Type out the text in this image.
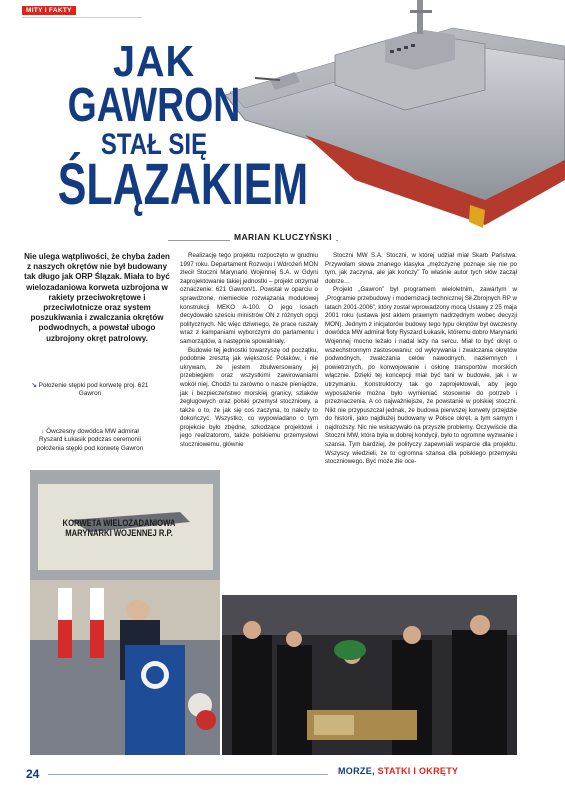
MITY I FAKTY
JAK
GAWRON
STAŁ SIĘ
ŚLĄZAKIEM
MARIAN KLUCZYŃSKI
Nie ulega wątpliwości, że chyba żaden z naszych okrętów nie był budowany tak długo jak ORP Ślązak. Miała to być wielozadaniowa korweta uzbrojona w rakiety przeciwokrętowe i przeciwlotnicze oraz system poszukiwania i zwalczania okrętów podwodnych, a powstał ubogo uzbrojony okręt patrolowy.
↘ Położenie stępki pod korwetę proj. 621 Gawron
↓ Ówczesny dowódca MW admirał Ryszard Łukasik podczas ceremonii położenia stępki pod korwetę Gawron

Realizację tego projektu rozpoczęto w grudniu 1997 roku. Departament Rozwoju i Wdrożeń MON zlecił Stoczni Marynarki Wojennej S.A. w Gdyni zaprojektowanie takiej jednostki – projekt otrzymał oznaczenie: 621 Gawron/1. Powstał w oparciu o sprawdzone, niemieckie rozwiązania modułowej konstrukcji MEKO A-100. O jego losach decydowało sześciu ministrów ON z różnych opcji politycznych. Nic więc dziwnego, że prace ruszały wraz z kampaniami wyborczymi do parlamentu i samorządów, a następnie spowalniały.

Budowie tej jednostki towarzyszę od początku, podobnie zresztą jak większość Polaków, i nie ukrywam, że jestem zbulwersowany jej przebiegiem oraz wszystkimi zawirowaniami wokół niej. Chodzi tu zarówno o nasze pieniądze, jak i bezpieczeństwo morskiej granicy, szlaków żeglugowych oraz polski przemysł stoczniowy, a także o to, że jak się coś zaczyna, to należy to dokończyć. Wszystko, co wypowiadano o tym projekcie było zbędne, szkodzące projektowi i jego realizatorom, także polskiemu przemysłowi stoczniowemu, głównie

Stoczni MW S.A. Stoczni, w której udział miał Skarb Państwa. Przywołam słowa znanego klasyka „mężczyznę poznaje się nie po tym, jak zaczyna, ale jak kończy” To właśnie autor tych słów zaczął dobrze…

Projekt „Gawron” był programem wieloletnim, zawartym w „Programie przebudowy i modernizacji technicznej Sił Zbrojnych RP w latach 2001-2006”, który został wprowadzony mocą Ustawy z 25 maja 2001 roku (ustawa jest aktem prawnym nadrzędnym wobec decyzji MON). Jednym z inicjatorów budowy tego typu okrętów był ówczesny dowódca MW admirał floty Ryszard Łukasik, któremu dobro Marynarki Wojennej mocno leżało i nadal leży na sercu. Miał to być okręt o wszechstronnym zastosowaniu: od wykrywania i zwalczania okrętów podwodnych, zwalczania celów nawodnych, naziemnych i powietrznych, po konwojowanie i osłonę transportów morskich włącznie. Dzięki tej koncepcji miał być tani w budowie, jak i w utrzymaniu. Konstruktorzy tak go zaprojektowali, aby jego wyposażenie można było wymieniać stosownie do potrzeb i przeznaczenia. A co najważniejsze, że powstanie w polskiej stoczni. Nikt nie przypuszczał jednak, że budowa pierwszej korwety przejdzie do historii, jako najdłużej budowany w Polsce okręt, a tym samym i najdroższy. Nic nie wskazywało na przyszłe problemy. Oczywiście dla Stoczni MW, która była w dobrej kondycji, było to ogromne wyzwanie i szansa. Tym bardziej, że polityczy zapewniali wsparcie dla projektu. Wszyscy wiedzieli, że to ogromna szansa dla polskiego przemysłu stoczniowego. Być może źle oce-

KORWETA WIELOZADANIOWA
MARYNARKI WOJENNEJ R.P.
24	MORZE, STATKI I OKRĘTY
